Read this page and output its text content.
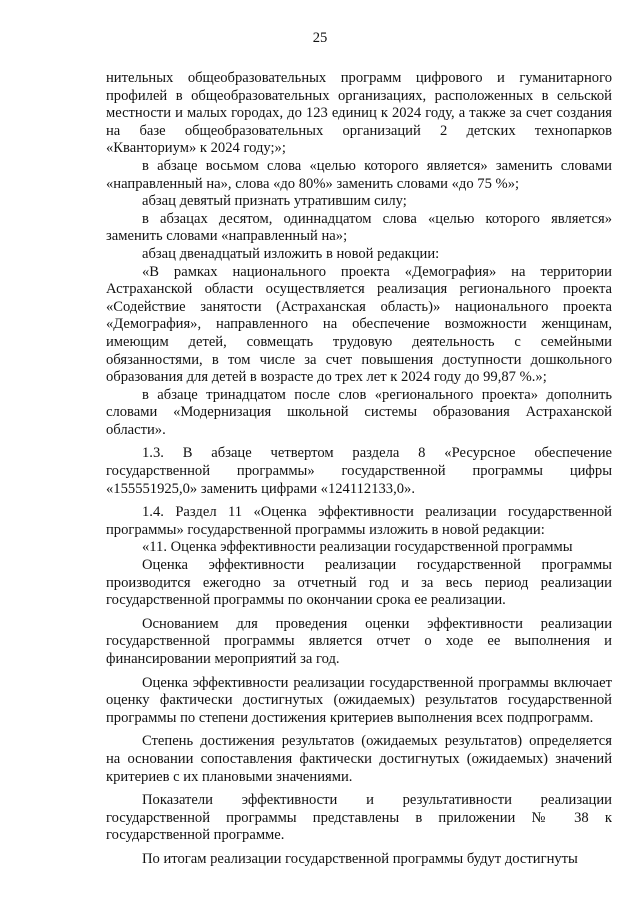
25

нительных общеобразовательных программ цифрового и гуманитарного профилей в общеобразовательных организациях, расположенных в сельской местности и малых городах, до 123 единиц к 2024 году, а также за счет создания на базе общеобразовательных организаций 2 детских технопарков «Кванториум» к 2024 году;»;

в абзаце восьмом слова «целью которого является» заменить словами «направленный на», слова «до 80%» заменить словами «до 75 %»;

абзац девятый признать утратившим силу;

в абзацах десятом, одиннадцатом слова «целью которого является» заменить словами «направленный на»;

абзац двенадцатый изложить в новой редакции:

«В рамках национального проекта «Демография» на территории Астраханской области осуществляется реализация регионального проекта «Содействие занятости (Астраханская область)» национального проекта «Демография», направленного на обеспечение возможности женщинам, имеющим детей, совмещать трудовую деятельность с семейными обязанностями, в том числе за счет повышения доступности дошкольного образования для детей в возрасте до трех лет к 2024 году до 99,87 %.»;

в абзаце тринадцатом после слов «регионального проекта» дополнить словами «Модернизация школьной системы образования Астраханской области».

1.3. В абзаце четвертом раздела 8 «Ресурсное обеспечение государственной программы» государственной программы цифры «155551925,0» заменить цифрами «124112133,0».

1.4. Раздел 11 «Оценка эффективности реализации государственной программы» государственной программы изложить в новой редакции:

«11. Оценка эффективности реализации государственной программы

Оценка эффективности реализации государственной программы производится ежегодно за отчетный год и за весь период реализации государственной программы по окончании срока ее реализации.

Основанием для проведения оценки эффективности реализации государственной программы является отчет о ходе ее выполнения и финансировании мероприятий за год.

Оценка эффективности реализации государственной программы включает оценку фактически достигнутых (ожидаемых) результатов государственной программы по степени достижения критериев выполнения всех подпрограмм.

Степень достижения результатов (ожидаемых результатов) определяется на основании сопоставления фактически достигнутых (ожидаемых) значений критериев с их плановыми значениями.

Показатели эффективности и результативности реализации государственной программы представлены в приложении № 38 к государственной программе.

По итогам реализации государственной программы будут достигнуты
